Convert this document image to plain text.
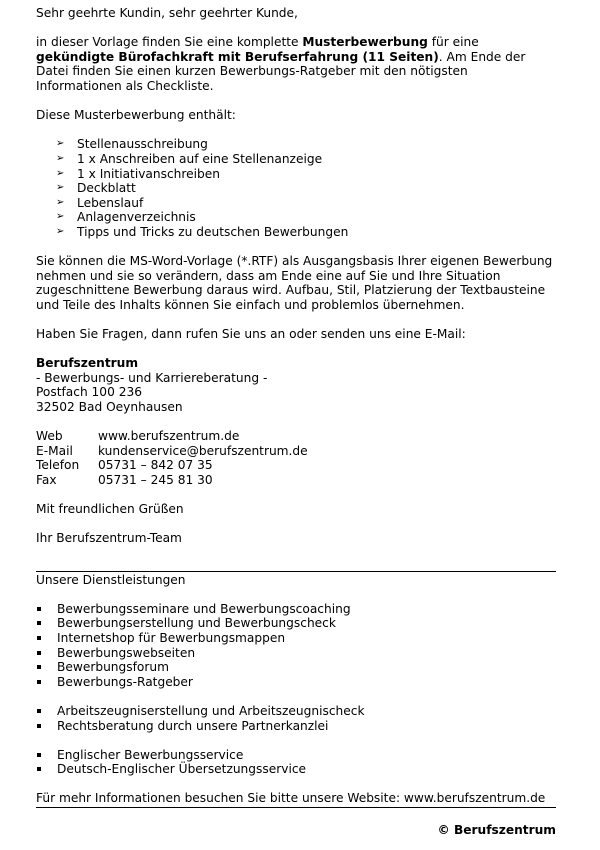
Sehr geehrte Kundin, sehr geehrter Kunde,

in dieser Vorlage finden Sie eine komplette Musterbewerbung für eine gekündigte Bürofachkraft mit Berufserfahrung (11 Seiten). Am Ende der Datei finden Sie einen kurzen Bewerbungs-Ratgeber mit den nötigsten Informationen als Checkliste.

Diese Musterbewerbung enthält:

➢ Stellenausschreibung
➢ 1 x Anschreiben auf eine Stellenanzeige
➢ 1 x Initiativanschreiben
➢ Deckblatt
➢ Lebenslauf
➢ Anlagenverzeichnis
➢ Tipps und Tricks zu deutschen Bewerbungen

Sie können die MS-Word-Vorlage (*.RTF) als Ausgangsbasis Ihrer eigenen Bewerbung nehmen und sie so verändern, dass am Ende eine auf Sie und Ihre Situation zugeschnittene Bewerbung daraus wird. Aufbau, Stil, Platzierung der Textbausteine und Teile des Inhalts können Sie einfach und problemlos übernehmen.

Haben Sie Fragen, dann rufen Sie uns an oder senden uns eine E-Mail:

Berufszentrum

- Bewerbungs- und Karriereberatung -

Postfach 100 236

32502 Bad Oeynhausen

Web	www.berufszentrum.de
E-Mail	kundenservice@berufszentrum.de
Telefon	05731 – 842 07 35
Fax	05731 – 245 81 30

Mit freundlichen Grüßen

Ihr Berufszentrum-Team

Unsere Dienstleistungen

Bewerbungsseminare und Bewerbungscoaching
Bewerbungserstellung und Bewerbungscheck
Internetshop für Bewerbungsmappen
Bewerbungswebseiten
Bewerbungsforum
Bewerbungs-Ratgeber
Arbeitszeugniserstellung und Arbeitszeugnischeck
Rechtsberatung durch unsere Partnerkanzlei
Englischer Bewerbungsservice
Deutsch-Englischer Übersetzungsservice

Für mehr Informationen besuchen Sie bitte unsere Website: www.berufszentrum.de

© Berufszentrum
